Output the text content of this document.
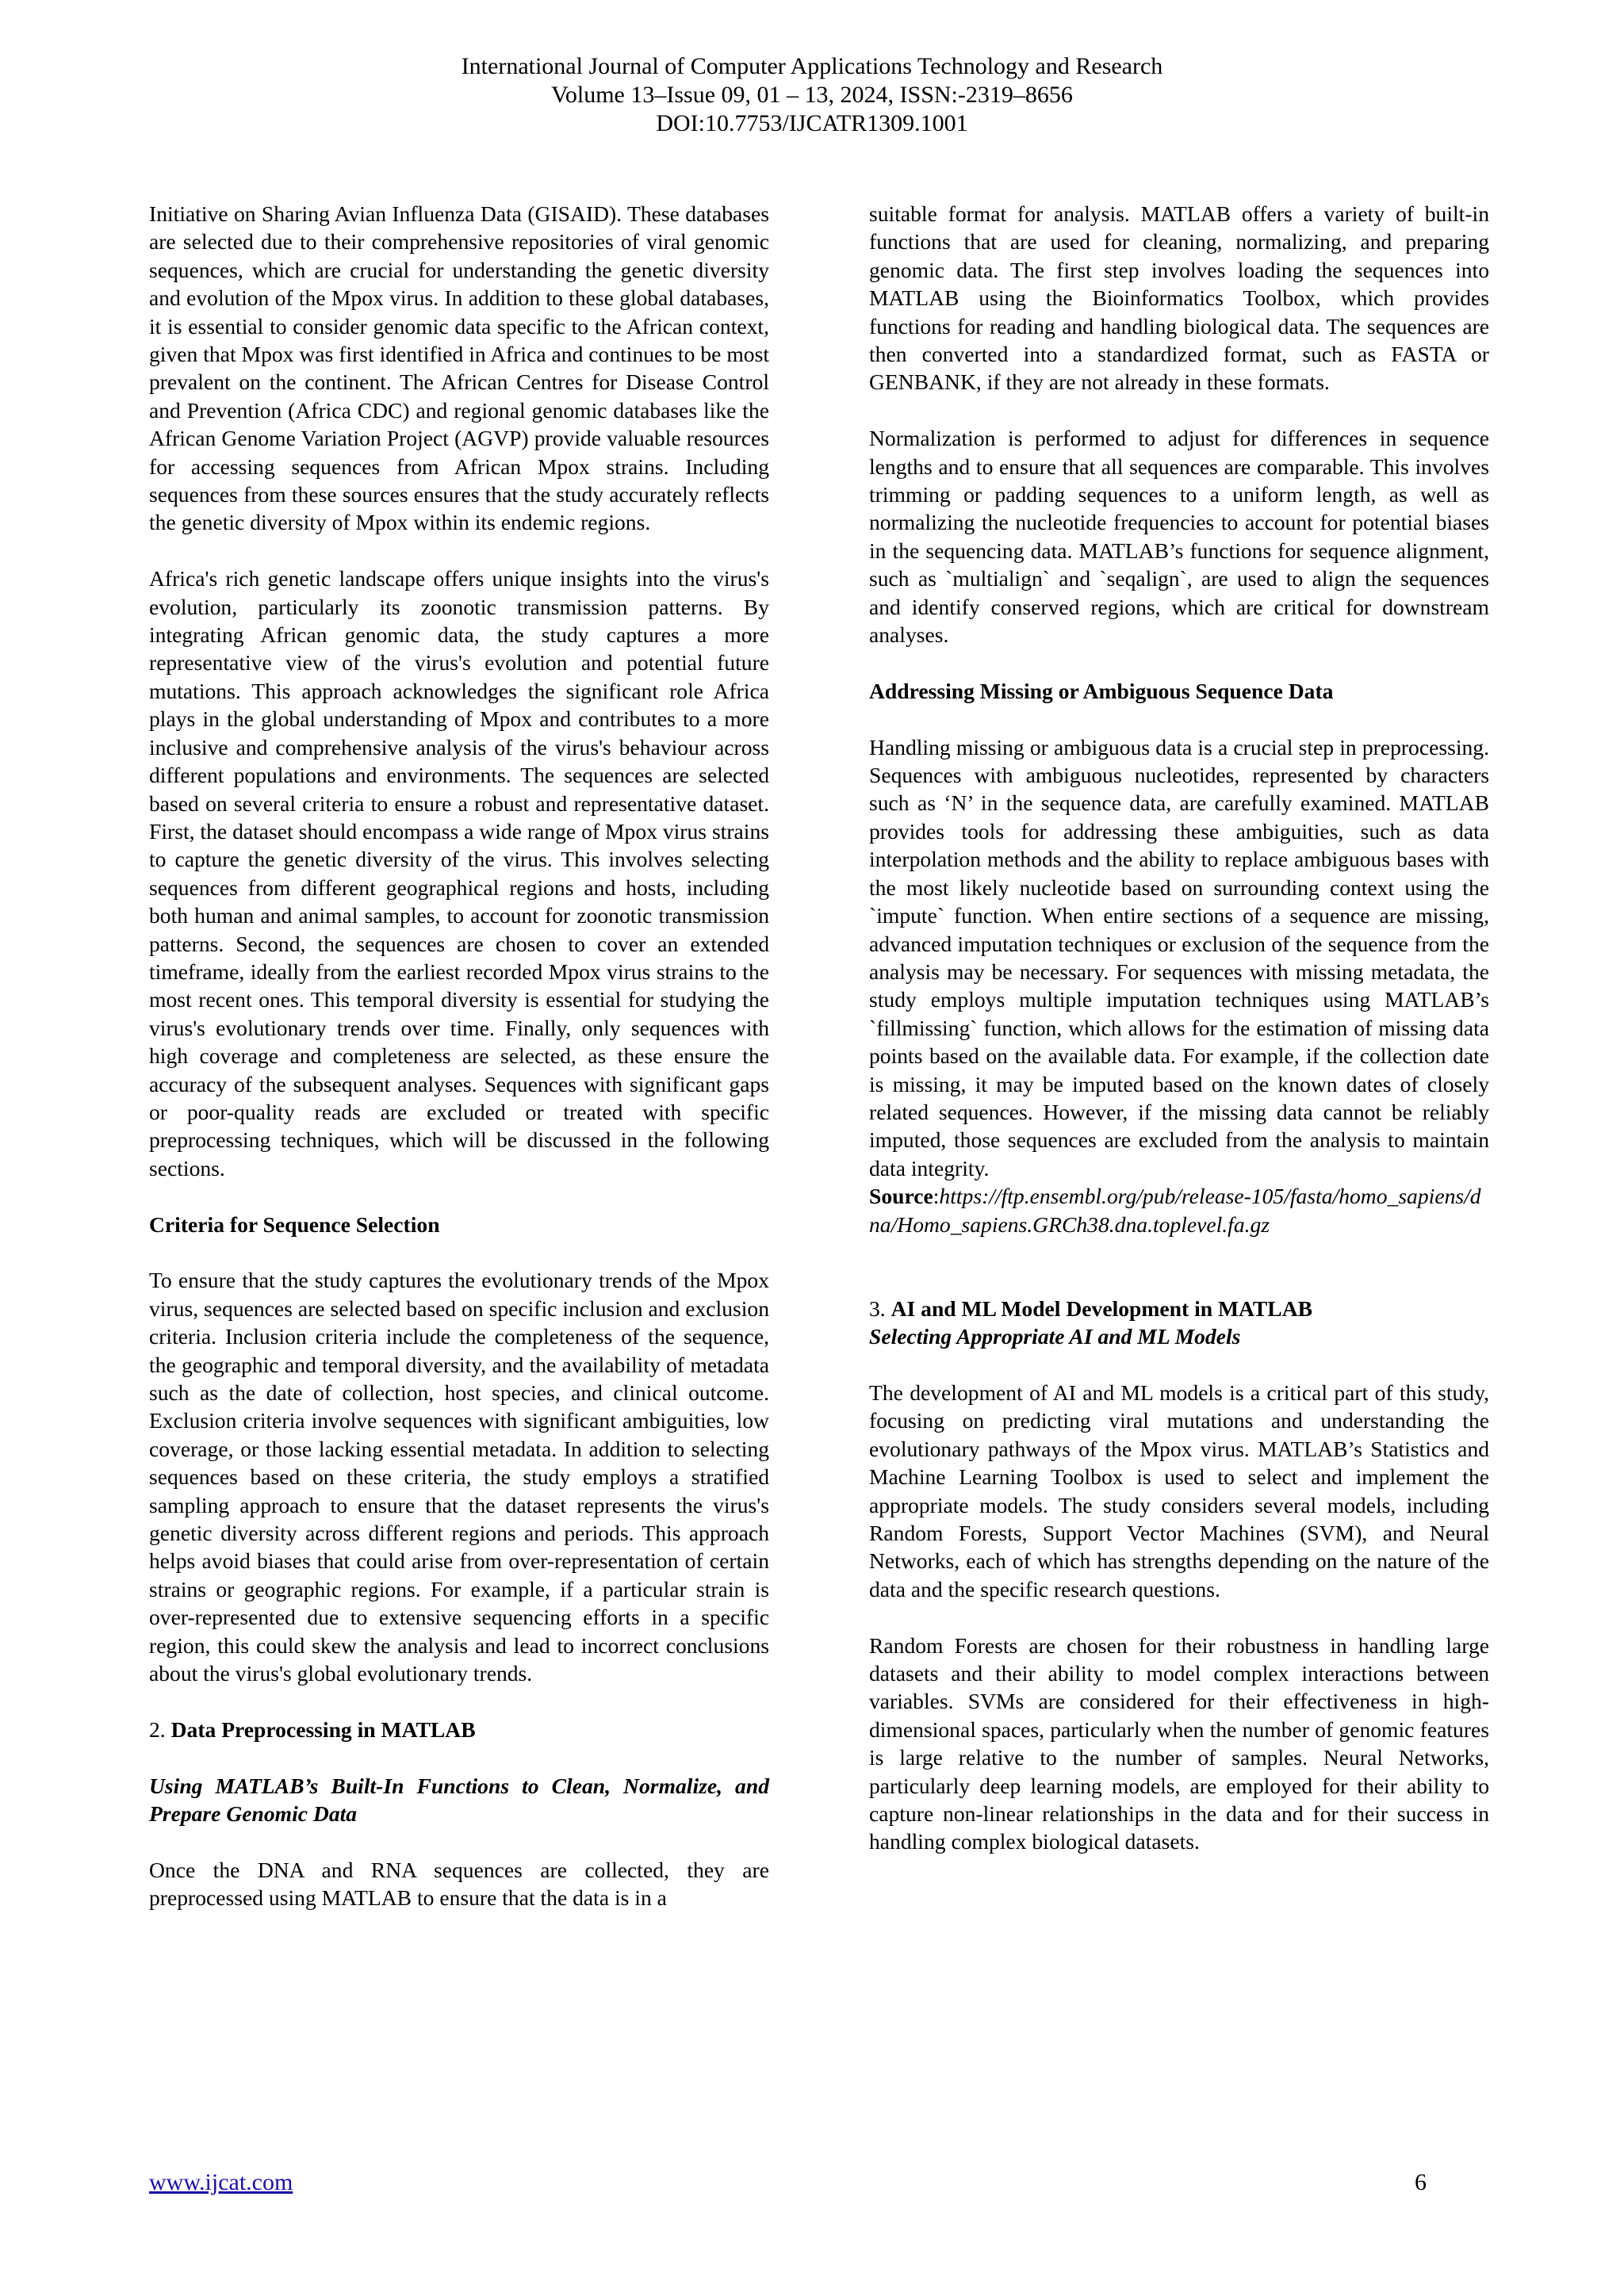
International Journal of Computer Applications Technology and Research
Volume 13–Issue 09, 01 – 13, 2024, ISSN:-2319–8656
DOI:10.7753/IJCATR1309.1001

Initiative on Sharing Avian Influenza Data (GISAID). These databases are selected due to their comprehensive repositories of viral genomic sequences, which are crucial for understanding the genetic diversity and evolution of the Mpox virus. In addition to these global databases, it is essential to consider genomic data specific to the African context, given that Mpox was first identified in Africa and continues to be most prevalent on the continent. The African Centres for Disease Control and Prevention (Africa CDC) and regional genomic databases like the African Genome Variation Project (AGVP) provide valuable resources for accessing sequences from African Mpox strains. Including sequences from these sources ensures that the study accurately reflects the genetic diversity of Mpox within its endemic regions.

Africa's rich genetic landscape offers unique insights into the virus's evolution, particularly its zoonotic transmission patterns. By integrating African genomic data, the study captures a more representative view of the virus's evolution and potential future mutations. This approach acknowledges the significant role Africa plays in the global understanding of Mpox and contributes to a more inclusive and comprehensive analysis of the virus's behaviour across different populations and environments. The sequences are selected based on several criteria to ensure a robust and representative dataset. First, the dataset should encompass a wide range of Mpox virus strains to capture the genetic diversity of the virus. This involves selecting sequences from different geographical regions and hosts, including both human and animal samples, to account for zoonotic transmission patterns. Second, the sequences are chosen to cover an extended timeframe, ideally from the earliest recorded Mpox virus strains to the most recent ones. This temporal diversity is essential for studying the virus's evolutionary trends over time. Finally, only sequences with high coverage and completeness are selected, as these ensure the accuracy of the subsequent analyses. Sequences with significant gaps or poor-quality reads are excluded or treated with specific preprocessing techniques, which will be discussed in the following sections.

Criteria for Sequence Selection

To ensure that the study captures the evolutionary trends of the Mpox virus, sequences are selected based on specific inclusion and exclusion criteria. Inclusion criteria include the completeness of the sequence, the geographic and temporal diversity, and the availability of metadata such as the date of collection, host species, and clinical outcome. Exclusion criteria involve sequences with significant ambiguities, low coverage, or those lacking essential metadata. In addition to selecting sequences based on these criteria, the study employs a stratified sampling approach to ensure that the dataset represents the virus's genetic diversity across different regions and periods. This approach helps avoid biases that could arise from over-representation of certain strains or geographic regions. For example, if a particular strain is over-represented due to extensive sequencing efforts in a specific region, this could skew the analysis and lead to incorrect conclusions about the virus's global evolutionary trends.

2. Data Preprocessing in MATLAB

Using MATLAB’s Built-In Functions to Clean, Normalize, and Prepare Genomic Data

Once the DNA and RNA sequences are collected, they are preprocessed using MATLAB to ensure that the data is in a

suitable format for analysis. MATLAB offers a variety of built-in functions that are used for cleaning, normalizing, and preparing genomic data. The first step involves loading the sequences into MATLAB using the Bioinformatics Toolbox, which provides functions for reading and handling biological data. The sequences are then converted into a standardized format, such as FASTA or GENBANK, if they are not already in these formats.

Normalization is performed to adjust for differences in sequence lengths and to ensure that all sequences are comparable. This involves trimming or padding sequences to a uniform length, as well as normalizing the nucleotide frequencies to account for potential biases in the sequencing data. MATLAB’s functions for sequence alignment, such as `multialign` and `seqalign`, are used to align the sequences and identify conserved regions, which are critical for downstream analyses.

Addressing Missing or Ambiguous Sequence Data

Handling missing or ambiguous data is a crucial step in preprocessing. Sequences with ambiguous nucleotides, represented by characters such as ‘N’ in the sequence data, are carefully examined. MATLAB provides tools for addressing these ambiguities, such as data interpolation methods and the ability to replace ambiguous bases with the most likely nucleotide based on surrounding context using the `impute` function. When entire sections of a sequence are missing, advanced imputation techniques or exclusion of the sequence from the analysis may be necessary. For sequences with missing metadata, the study employs multiple imputation techniques using MATLAB’s `fillmissing` function, which allows for the estimation of missing data points based on the available data. For example, if the collection date is missing, it may be imputed based on the known dates of closely related sequences. However, if the missing data cannot be reliably imputed, those sequences are excluded from the analysis to maintain data integrity.

Source:https://ftp.ensembl.org/pub/release-105/fasta/homo_sapiens/dna/Homo_sapiens.GRCh38.dna.toplevel.fa.gz

3. AI and ML Model Development in MATLAB

Selecting Appropriate AI and ML Models

The development of AI and ML models is a critical part of this study, focusing on predicting viral mutations and understanding the evolutionary pathways of the Mpox virus. MATLAB’s Statistics and Machine Learning Toolbox is used to select and implement the appropriate models. The study considers several models, including Random Forests, Support Vector Machines (SVM), and Neural Networks, each of which has strengths depending on the nature of the data and the specific research questions.

Random Forests are chosen for their robustness in handling large datasets and their ability to model complex interactions between variables. SVMs are considered for their effectiveness in high-dimensional spaces, particularly when the number of genomic features is large relative to the number of samples. Neural Networks, particularly deep learning models, are employed for their ability to capture non-linear relationships in the data and for their success in handling complex biological datasets.

www.ijcat.com	6
